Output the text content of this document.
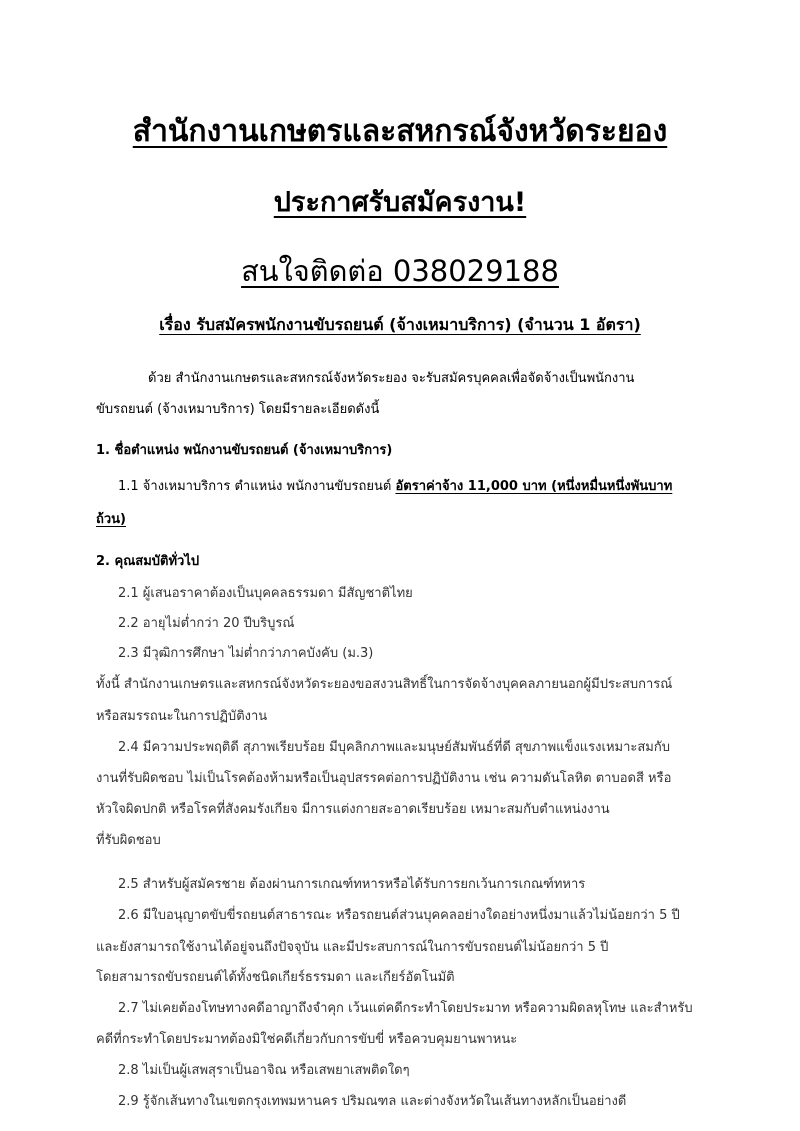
สำนักงานเกษตรและสหกรณ์จังหวัดระยอง
ประกาศรับสมัครงาน!
สนใจติดต่อ 038029188
เรื่อง รับสมัครพนักงานขับรถยนต์ (จ้างเหมาบริการ) (จำนวน 1 อัตรา)
ด้วย สำนักงานเกษตรและสหกรณ์จังหวัดระยอง จะรับสมัครบุคคลเพื่อจัดจ้างเป็นพนักงาน
ขับรถยนต์ (จ้างเหมาบริการ) โดยมีรายละเอียดดังนี้
1. ชื่อตำแหน่ง พนักงานขับรถยนต์ (จ้างเหมาบริการ)
1.1 จ้างเหมาบริการ ตำแหน่ง พนักงานขับรถยนต์ อัตราค่าจ้าง 11,000 บาท (หนึ่งหมื่นหนึ่งพันบาท
ถ้วน)
2. คุณสมบัติทั่วไป
2.1 ผู้เสนอราคาต้องเป็นบุคคลธรรมดา มีสัญชาติไทย
2.2 อายุไม่ต่ำกว่า 20 ปีบริบูรณ์
2.3 มีวุฒิการศึกษา ไม่ต่ำกว่าภาคบังคับ (ม.3)
ทั้งนี้ สำนักงานเกษตรและสหกรณ์จังหวัดระยองขอสงวนสิทธิ์ในการจัดจ้างบุคคลภายนอกผู้มีประสบการณ์
หรือสมรรถนะในการปฏิบัติงาน
2.4 มีความประพฤติดี สุภาพเรียบร้อย มีบุคลิกภาพและมนุษย์สัมพันธ์ที่ดี สุขภาพแข็งแรงเหมาะสมกับ
งานที่รับผิดชอบ ไม่เป็นโรคต้องห้ามหรือเป็นอุปสรรคต่อการปฏิบัติงาน เช่น ความดันโลหิต ตาบอดสี หรือ
หัวใจผิดปกติ หรือโรคที่สังคมรังเกียจ มีการแต่งกายสะอาดเรียบร้อย เหมาะสมกับตำแหน่งงาน
ที่รับผิดชอบ
2.5 สำหรับผู้สมัครชาย ต้องผ่านการเกณฑ์ทหารหรือได้รับการยกเว้นการเกณฑ์ทหาร
2.6 มีใบอนุญาตขับขี่รถยนต์สาธารณะ หรือรถยนต์ส่วนบุคคลอย่างใดอย่างหนึ่งมาแล้วไม่น้อยกว่า 5 ปี
และยังสามารถใช้งานได้อยู่จนถึงปัจจุบัน และมีประสบการณ์ในการขับรถยนต์ไม่น้อยกว่า 5 ปี
โดยสามารถขับรถยนต์ได้ทั้งชนิดเกียร์ธรรมดา และเกียร์อัตโนมัติ
2.7 ไม่เคยต้องโทษทางคดีอาญาถึงจำคุก เว้นแต่คดีกระทำโดยประมาท หรือความผิดลหุโทษ และสำหรับ
คดีที่กระทำโดยประมาทต้องมิใช่คดีเกี่ยวกับการขับขี่ หรือควบคุมยานพาหนะ
2.8 ไม่เป็นผู้เสพสุราเป็นอาจิณ หรือเสพยาเสพติดใดๆ
2.9 รู้จักเส้นทางในเขตกรุงเทพมหานคร ปริมณฑล และต่างจังหวัดในเส้นทางหลักเป็นอย่างดี
